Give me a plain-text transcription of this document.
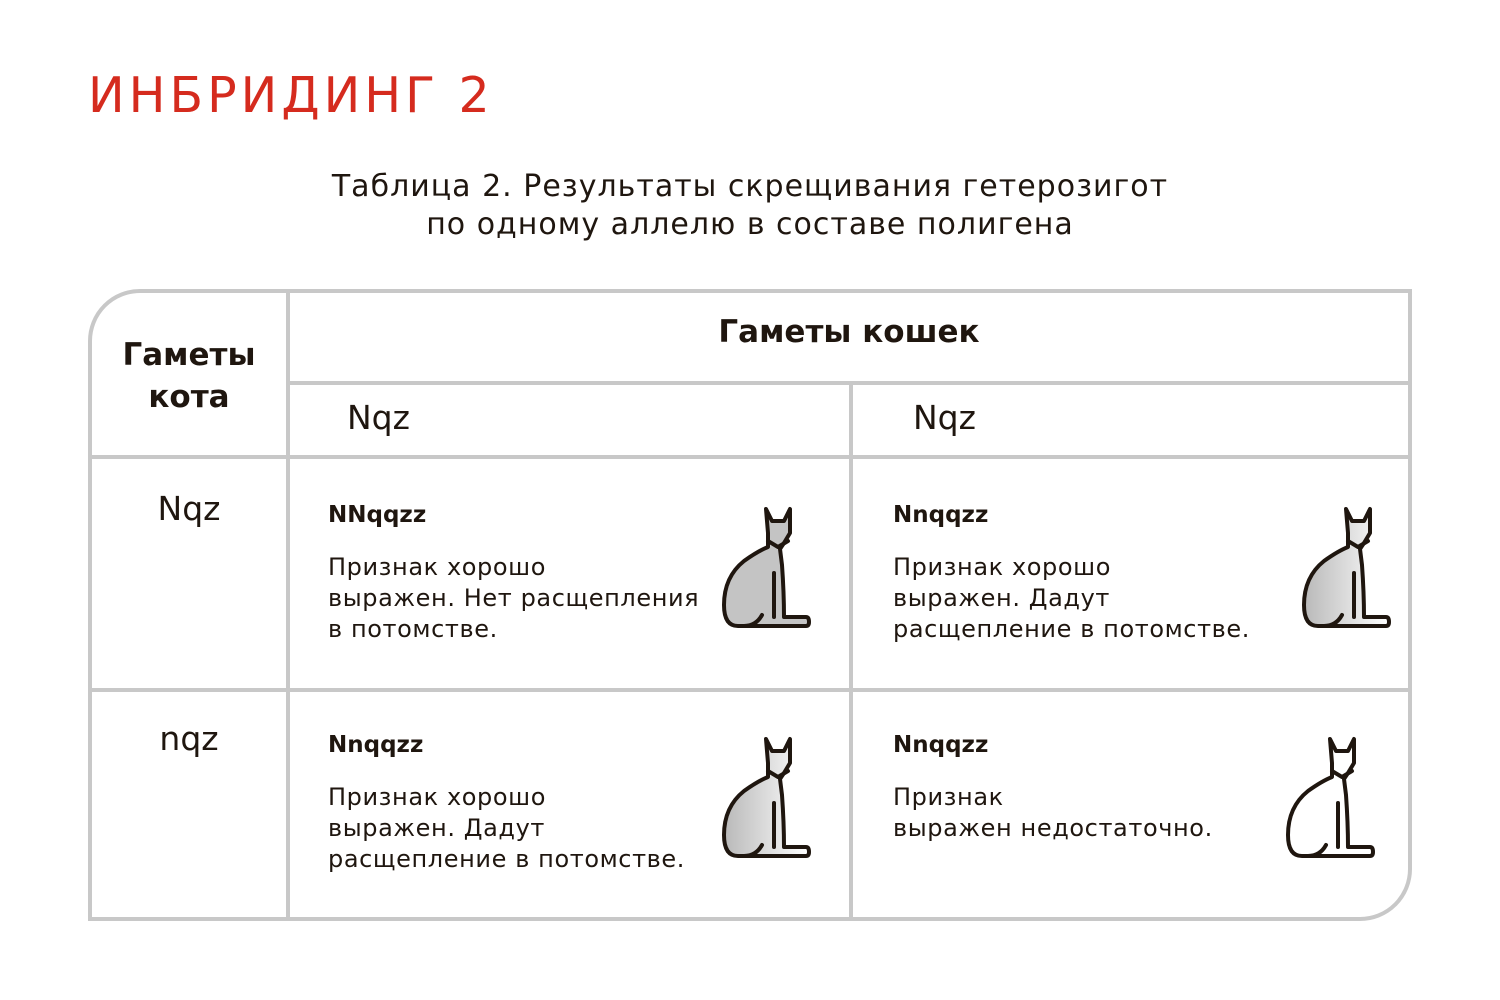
ИНБРИДИНГ 2
Таблица 2. Результаты скрещивания гетерозигот
по одному аллелю в составе полигена
Гаметы
кота
Гаметы кошек
Nqz	Nqz
Nqz
nqz
NNqqzz
Признак хорошо
выражен. Нет расщепления
в потомстве.
Nnqqzz
Признак хорошо
выражен. Дадут
расщепление в потомстве.
Nnqqzz
Признак хорошо
выражен. Дадут
расщепление в потомстве.
Nnqqzz
Признак
выражен недостаточно.
